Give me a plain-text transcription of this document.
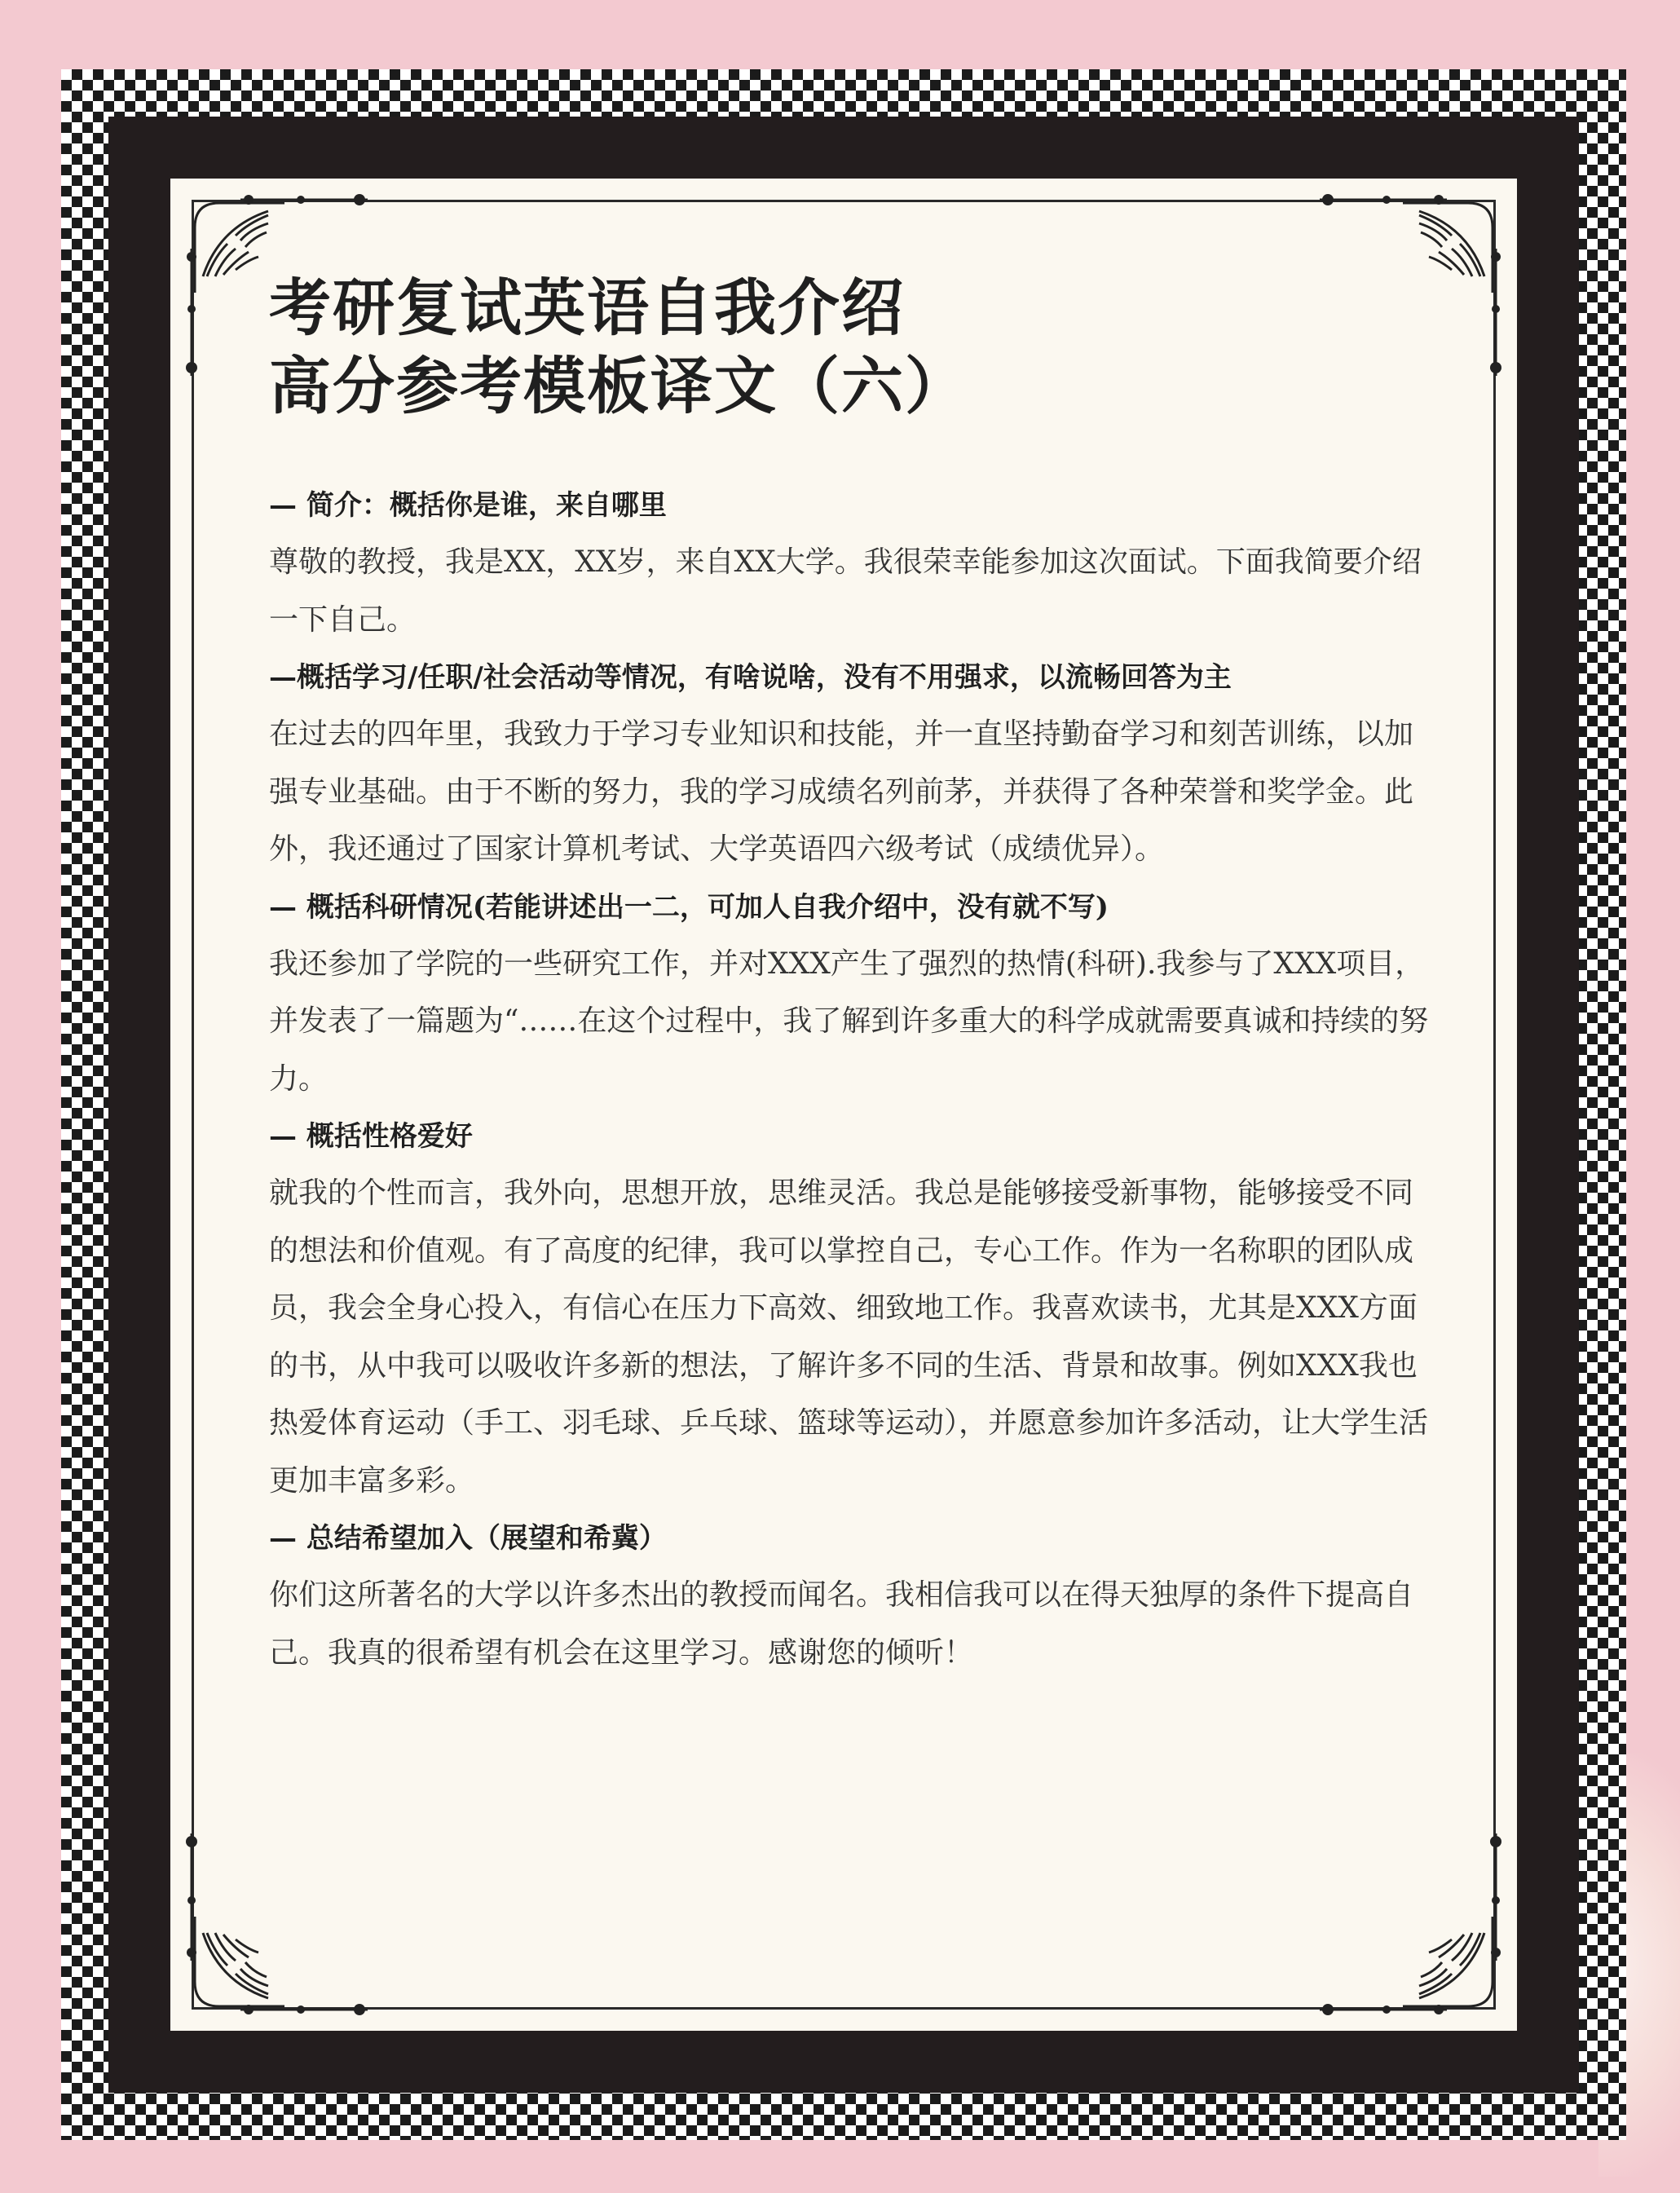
考研复试英语自我介绍
高分参考模板译文（六）

— 简介：概括你是谁，来自哪里

尊敬的教授，我是XX，XX岁，来自XX大学。我很荣幸能参加这次面试。下面我简要介绍一下自己。

—概括学习/任职/社会活动等情况，有啥说啥，没有不用强求，以流畅回答为主

在过去的四年里，我致力于学习专业知识和技能，并一直坚持勤奋学习和刻苦训练，以加强专业基础。由于不断的努力，我的学习成绩名列前茅，并获得了各种荣誉和奖学金。此外，我还通过了国家计算机考试、大学英语四六级考试（成绩优异）。

— 概括科研情况(若能讲述出一二，可加人自我介绍中，没有就不写)

我还参加了学院的一些研究工作，并对XXX产生了强烈的热情(科研).我参与了XXX项目，并发表了一篇题为“……在这个过程中，我了解到许多重大的科学成就需要真诚和持续的努力。

— 概括性格爱好

就我的个性而言，我外向，思想开放，思维灵活。我总是能够接受新事物，能够接受不同的想法和价值观。有了高度的纪律，我可以掌控自己，专心工作。作为一名称职的团队成员，我会全身心投入，有信心在压力下高效、细致地工作。我喜欢读书，尤其是XXX方面的书，从中我可以吸收许多新的想法，了解许多不同的生活、背景和故事。例如XXX我也热爱体育运动（手工、羽毛球、乒乓球、篮球等运动），并愿意参加许多活动，让大学生活更加丰富多彩。

— 总结希望加入（展望和希冀）

你们这所著名的大学以许多杰出的教授而闻名。我相信我可以在得天独厚的条件下提高自己。我真的很希望有机会在这里学习。感谢您的倾听！
